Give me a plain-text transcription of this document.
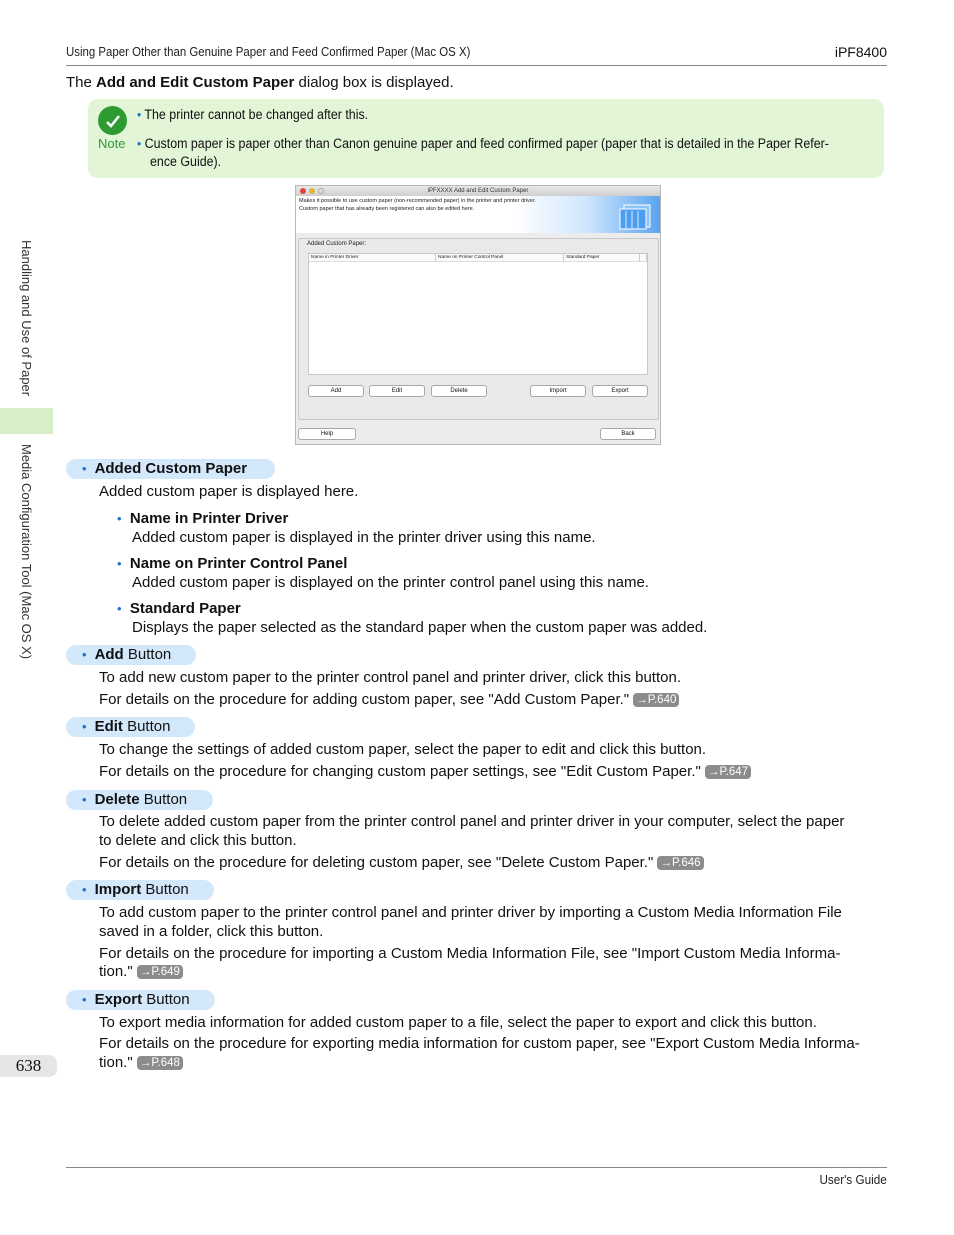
Using Paper Other than Genuine Paper and Feed Confirmed Paper (Mac OS X)	iPF8400
The Add and Edit Custom Paper dialog box is displayed.
Note
• The printer cannot be changed after this.
• Custom paper is paper other than Canon genuine paper and feed confirmed paper (paper that is detailed in the Paper Refer-
ence Guide).
Handling and Use of Paper
Media Configuration Tool (Mac OS X)
638
iPFXXXX Add and Edit Custom Paper
Makes it possible to use custom paper (non-recommended paper) in the printer and printer driver.
Custom paper that has already been registered can also be edited here.
Added Custom Paper:
Name in Printer Driver	Name on Printer Control Panel	Standard Paper
Add	Edit	Delete	Import	Export
Help	Back
• Added Custom Paper
Added custom paper is displayed here.
• Name in Printer Driver
Added custom paper is displayed in the printer driver using this name.
• Name on Printer Control Panel
Added custom paper is displayed on the printer control panel using this name.
• Standard Paper
Displays the paper selected as the standard paper when the custom paper was added.
• Add Button
To add new custom paper to the printer control panel and printer driver, click this button.
For details on the procedure for adding custom paper, see "Add Custom Paper." →P.640
• Edit Button
To change the settings of added custom paper, select the paper to edit and click this button.
For details on the procedure for changing custom paper settings, see "Edit Custom Paper." →P.647
• Delete Button
To delete added custom paper from the printer control panel and printer driver in your computer, select the paper
to delete and click this button.
For details on the procedure for deleting custom paper, see "Delete Custom Paper." →P.646
• Import Button
To add custom paper to the printer control panel and printer driver by importing a Custom Media Information File
saved in a folder, click this button.
For details on the procedure for importing a Custom Media Information File, see "Import Custom Media Informa-
tion." →P.649
• Export Button
To export media information for added custom paper to a file, select the paper to export and click this button.
For details on the procedure for exporting media information for custom paper, see "Export Custom Media Informa-
tion." →P.648
User's Guide
